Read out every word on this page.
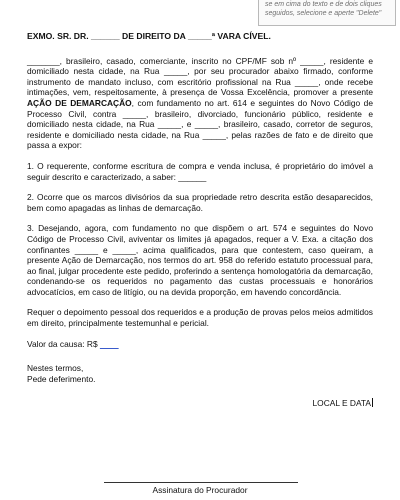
se em cima do texto e de dois cliques seguidos, selecione e aperte "Delete"
EXMO. SR. DR. ______ DE DIREITO DA _____ª VARA CÍVEL.

_______, brasileiro, casado, comerciante, inscrito no CPF/MF sob nº _____, residente e domiciliado nesta cidade, na Rua _____, por seu procurador abaixo firmado, conforme instrumento de mandato incluso, com escritório profissional na Rua _____, onde recebe intimações, vem, respeitosamente, à presença de Vossa Excelência, promover a presente AÇÃO DE DEMARCAÇÃO, com fundamento no art. 614 e seguintes do Novo Código de Processo Civil, contra _____, brasileiro, divorciado, funcionário público, residente e domiciliado nesta cidade, na Rua _____, e _____, brasileiro, casado, corretor de seguros, residente e domiciliado nesta cidade, na Rua _____, pelas razões de fato e de direito que passa a expor:

1. O requerente, conforme escritura de compra e venda inclusa, é proprietário do imóvel a seguir descrito e caracterizado, a saber: ______

2. Ocorre que os marcos divisórios da sua propriedade retro descrita estão desaparecidos, bem como apagadas as linhas de demarcação.

3. Desejando, agora, com fundamento no que dispõem o art. 574 e seguintes do Novo Código de Processo Civil, aviventar os limites já apagados, requer a V. Exa. a citação dos confinantes _____ e _____, acima qualificados, para que contestem, caso queiram, a presente Ação de Demarcação, nos termos do art. 958 do referido estatuto processual para, ao final, julgar procedente este pedido, proferindo a sentença homologatória da demarcação, condenando-se os requeridos no pagamento das custas processuais e honorários advocatícios, em caso de litígio, ou na devida proporção, em havendo concordância.

Requer o depoimento pessoal dos requeridos e a produção de provas pelos meios admitidos em direito, principalmente testemunhal e pericial.

Valor da causa: R$ ____
Nestes termos,
Pede deferimento.
LOCAL E DATA
Assinatura do Procurador
